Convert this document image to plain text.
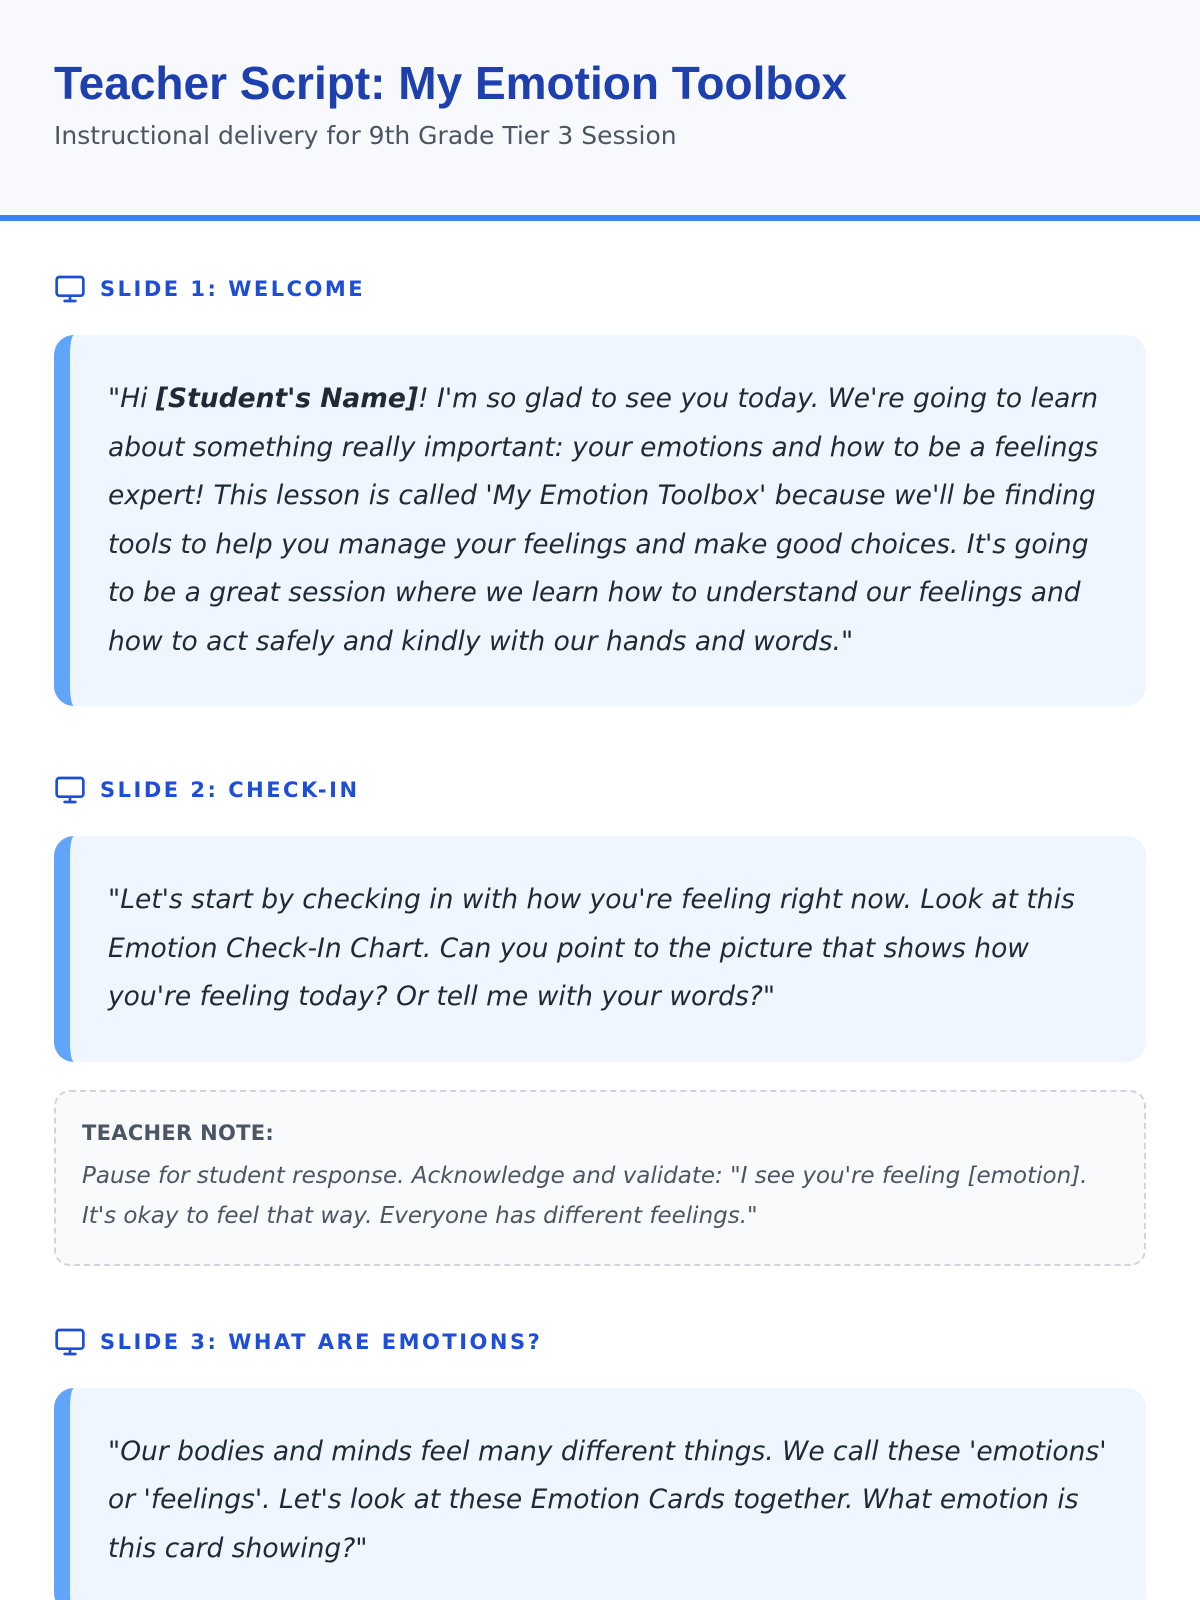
Teacher Script: My Emotion Toolbox
Instructional delivery for 9th Grade Tier 3 Session
SLIDE 1: WELCOME
"Hi [Student's Name]! I'm so glad to see you today. We're going to learn about something really important: your emotions and how to be a feelings expert! This lesson is called 'My Emotion Toolbox' because we'll be finding tools to help you manage your feelings and make good choices. It's going to be a great session where we learn how to understand our feelings and how to act safely and kindly with our hands and words."
SLIDE 2: CHECK-IN
"Let's start by checking in with how you're feeling right now. Look at this Emotion Check-In Chart. Can you point to the picture that shows how you're feeling today? Or tell me with your words?"
TEACHER NOTE:
Pause for student response. Acknowledge and validate: "I see you're feeling [emotion]. It's okay to feel that way. Everyone has different feelings."
SLIDE 3: WHAT ARE EMOTIONS?
"Our bodies and minds feel many different things. We call these 'emotions' or 'feelings'. Let's look at these Emotion Cards together. What emotion is this card showing?"
